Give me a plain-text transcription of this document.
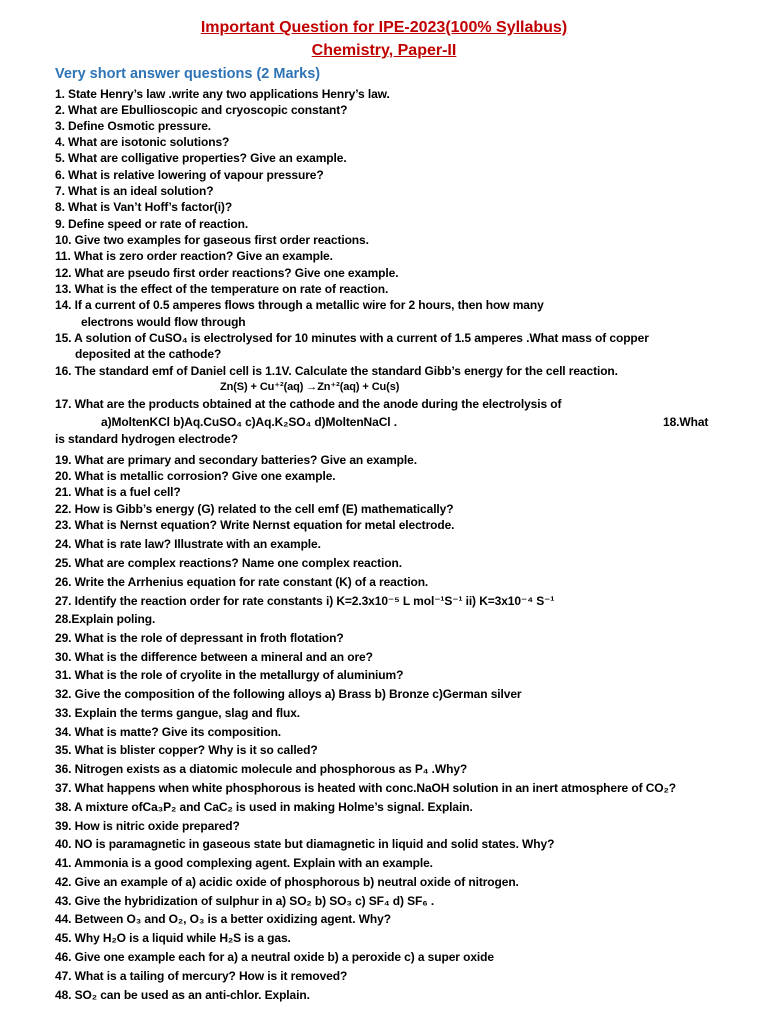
Important Question for IPE-2023(100% Syllabus)
Chemistry, Paper-II
Very short answer questions (2 Marks)
1. State Henry’s law .write any two applications Henry’s law.
2. What are Ebullioscopic and cryoscopic constant?
3. Define Osmotic pressure.
4. What are isotonic solutions?
5. What are colligative properties? Give an example.
6. What is relative lowering of vapour pressure?
7. What is an ideal solution?
8. What is Van’t Hoff’s factor(i)?
9. Define speed or rate of reaction.
10. Give two examples for gaseous first order reactions.
11. What is zero order reaction? Give an example.
12. What are pseudo first order reactions? Give one example.
13. What is the effect of the temperature on rate of reaction.
14. If a current of 0.5 amperes flows through a metallic wire for 2 hours, then how many
electrons would flow through
15. A solution of CuSO₄ is electrolysed for 10 minutes with a current of 1.5 amperes .What mass of copper
deposited at the cathode?
16. The standard emf of Daniel cell is 1.1V. Calculate the standard Gibb’s energy for the cell reaction.
Zn(S) + Cu⁺²(aq) →Zn⁺²(aq) + Cu(s)
17. What are the products obtained at the cathode and the anode during the electrolysis of
a)MoltenKCl b)Aq.CuSO₄ c)Aq.K₂SO₄ d)MoltenNaCl .	18.What
is standard hydrogen electrode?
19. What are primary and secondary batteries? Give an example.
20. What is metallic corrosion? Give one example.
21. What is a fuel cell?
22. How is Gibb’s energy (G) related to the cell emf (E) mathematically?
23. What is Nernst equation? Write Nernst equation for metal electrode.
24. What is rate law? Illustrate with an example.
25. What are complex reactions? Name one complex reaction.
26. Write the Arrhenius equation for rate constant (K) of a reaction.
27. Identify the reaction order for rate constants i) K=2.3x10⁻⁵ L mol⁻¹S⁻¹ ii) K=3x10⁻⁴ S⁻¹
28.Explain poling.
29. What is the role of depressant in froth flotation?
30. What is the difference between a mineral and an ore?
31. What is the role of cryolite in the metallurgy of aluminium?
32. Give the composition of the following alloys a) Brass b) Bronze c)German silver
33. Explain the terms gangue, slag and flux.
34. What is matte? Give its composition.
35. What is blister copper? Why is it so called?
36. Nitrogen exists as a diatomic molecule and phosphorous as P₄ .Why?
37. What happens when white phosphorous is heated with conc.NaOH solution in an inert atmosphere of CO₂?
38. A mixture ofCa₃P₂ and CaC₂ is used in making Holme’s signal. Explain.
39. How is nitric oxide prepared?
40. NO is paramagnetic in gaseous state but diamagnetic in liquid and solid states. Why?
41. Ammonia is a good complexing agent. Explain with an example.
42. Give an example of a) acidic oxide of phosphorous b) neutral oxide of nitrogen.
43. Give the hybridization of sulphur in a) SO₂ b) SO₃ c) SF₄ d) SF₆ .
44. Between O₃ and O₂, O₃ is a better oxidizing agent. Why?
45. Why H₂O is a liquid while H₂S is a gas.
46. Give one example each for a) a neutral oxide b) a peroxide c) a super oxide
47. What is a tailing of mercury? How is it removed?
48. SO₂ can be used as an anti-chlor. Explain.
